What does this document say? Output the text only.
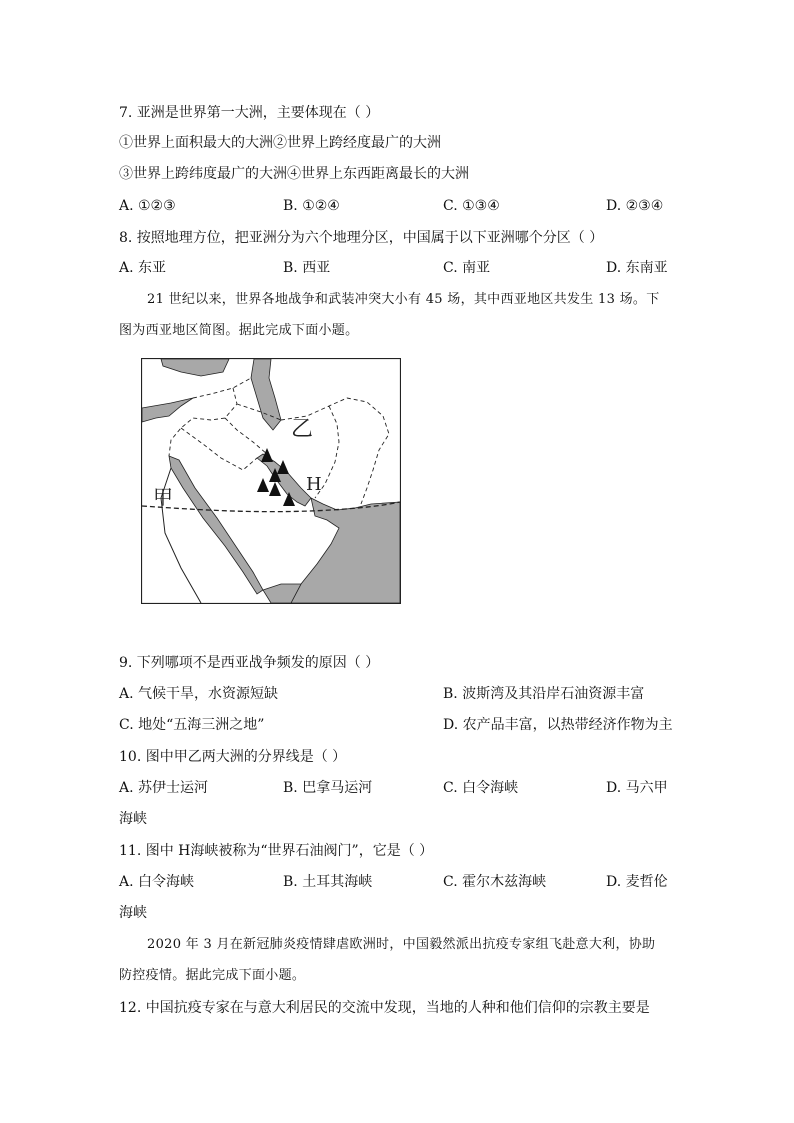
7. 亚洲是世界第一大洲，主要体现在（ ）
①世界上面积最大的大洲②世界上跨经度最广的大洲
③世界上跨纬度最广的大洲④世界上东西距离最长的大洲
A. ①②③	B. ①②④	C. ①③④	D. ②③④
8. 按照地理方位，把亚洲分为六个地理分区，中国属于以下亚洲哪个分区（ ）
A. 东亚	B. 西亚	C. 南亚	D. 东南亚
21 世纪以来，世界各地战争和武装冲突大小有 45 场，其中西亚地区共发生 13 场。下
图为西亚地区简图。据此完成下面小题。
乙
甲
H
9. 下列哪项不是西亚战争频发的原因（ ）
A. 气候干旱，水资源短缺	B. 波斯湾及其沿岸石油资源丰富
C. 地处“五海三洲之地”	D. 农产品丰富，以热带经济作物为主
10. 图中甲乙两大洲的分界线是（ ）
A. 苏伊士运河	B. 巴拿马运河	C. 白令海峡	D. 马六甲
海峡
11. 图中 H海峡被称为“世界石油阀门”，它是（ ）
A. 白令海峡	B. 土耳其海峡	C. 霍尔木兹海峡	D. 麦哲伦
海峡
2020 年 3 月在新冠肺炎疫情肆虐欧洲时，中国毅然派出抗疫专家组飞赴意大利，协助
防控疫情。据此完成下面小题。
12. 中国抗疫专家在与意大利居民的交流中发现，当地的人种和他们信仰的宗教主要是
